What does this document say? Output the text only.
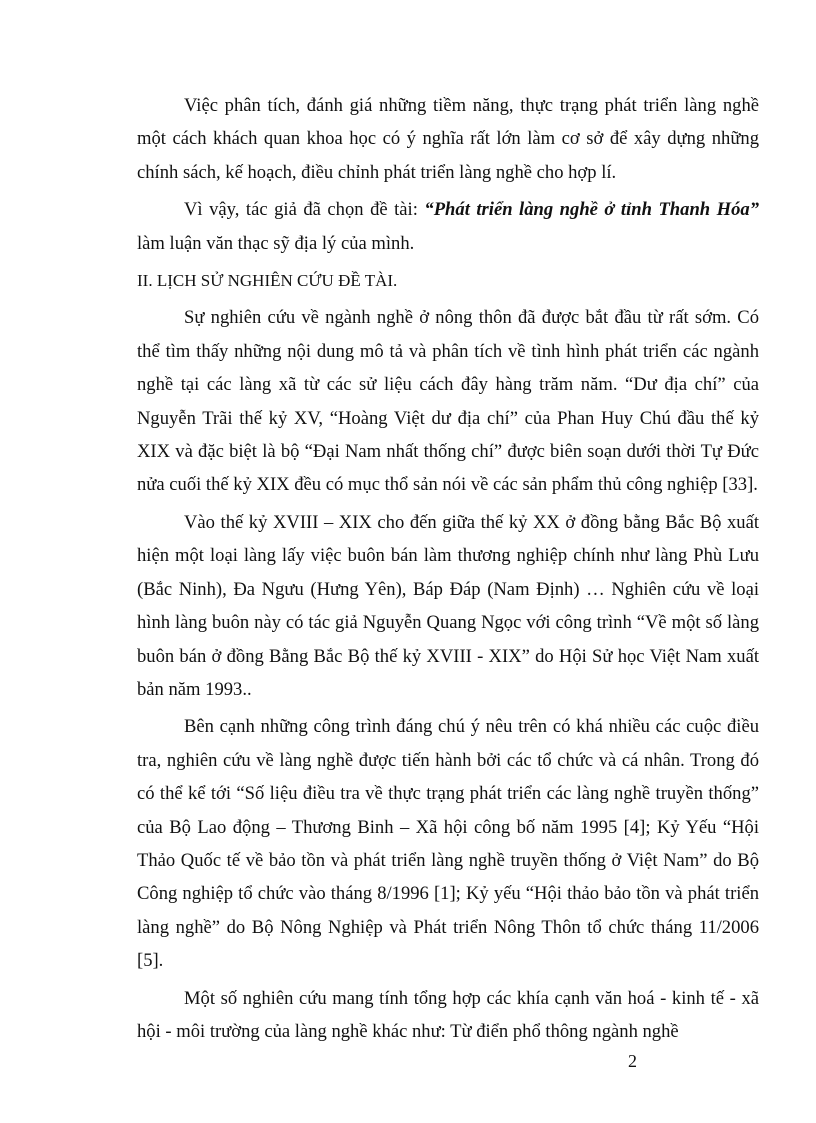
Việc phân tích, đánh giá những tiềm năng, thực trạng phát triển làng nghề một cách khách quan khoa học có ý nghĩa rất lớn làm cơ sở để xây dựng những chính sách, kế hoạch, điều chỉnh phát triển làng nghề cho hợp lí.

Vì vậy, tác giả đã chọn đề tài: “Phát triển làng nghề ở tỉnh Thanh Hóa” làm luận văn thạc sỹ địa lý của mình.

II. LỊCH SỬ NGHIÊN CỨU ĐỀ TÀI.

Sự nghiên cứu về ngành nghề ở nông thôn đã được bắt đầu từ rất sớm. Có thể tìm thấy những nội dung mô tả và phân tích về tình hình phát triển các ngành nghề tại các làng xã từ các sử liệu cách đây hàng trăm năm. “Dư địa chí” của Nguyễn Trãi thế kỷ XV, “Hoàng Việt dư địa chí” của Phan Huy Chú đầu thế kỷ XIX và đặc biệt là bộ “Đại Nam nhất thống chí” được biên soạn dưới thời Tự Đức nửa cuối thế kỷ XIX đều có mục thổ sản nói về các sản phẩm thủ công nghiệp [33].

Vào thế kỷ XVIII – XIX cho đến giữa thế kỷ XX ở đồng bằng Bắc Bộ xuất hiện một loại làng lấy việc buôn bán làm thương nghiệp chính như làng Phù Lưu (Bắc Ninh), Đa Ngưu (Hưng Yên), Báp Đáp (Nam Định) … Nghiên cứu về loại hình làng buôn này có tác giả Nguyễn Quang Ngọc với công trình “Về một số làng buôn bán ở đồng Bằng Bắc Bộ thế kỷ XVIII - XIX” do Hội Sử học Việt Nam xuất bản năm 1993..

Bên cạnh những công trình đáng chú ý nêu trên có khá nhiều các cuộc điều tra, nghiên cứu về làng nghề được tiến hành bởi các tổ chức và cá nhân. Trong đó có thể kể tới “Số liệu điều tra về thực trạng phát triển các làng nghề truyền thống” của Bộ Lao động – Thương Binh – Xã hội công bố năm 1995 [4]; Kỷ Yếu “Hội Thảo Quốc tế về bảo tồn và phát triển làng nghề truyền thống ở Việt Nam” do Bộ Công nghiệp tổ chức vào tháng 8/1996 [1]; Kỷ yếu “Hội thảo bảo tồn và phát triển làng nghề” do Bộ Nông Nghiệp và Phát triển Nông Thôn tổ chức tháng 11/2006 [5].

Một số nghiên cứu mang tính tổng hợp các khía cạnh văn hoá - kinh tế - xã hội - môi trường của làng nghề khác như: Từ điển phổ thông ngành nghề

2
